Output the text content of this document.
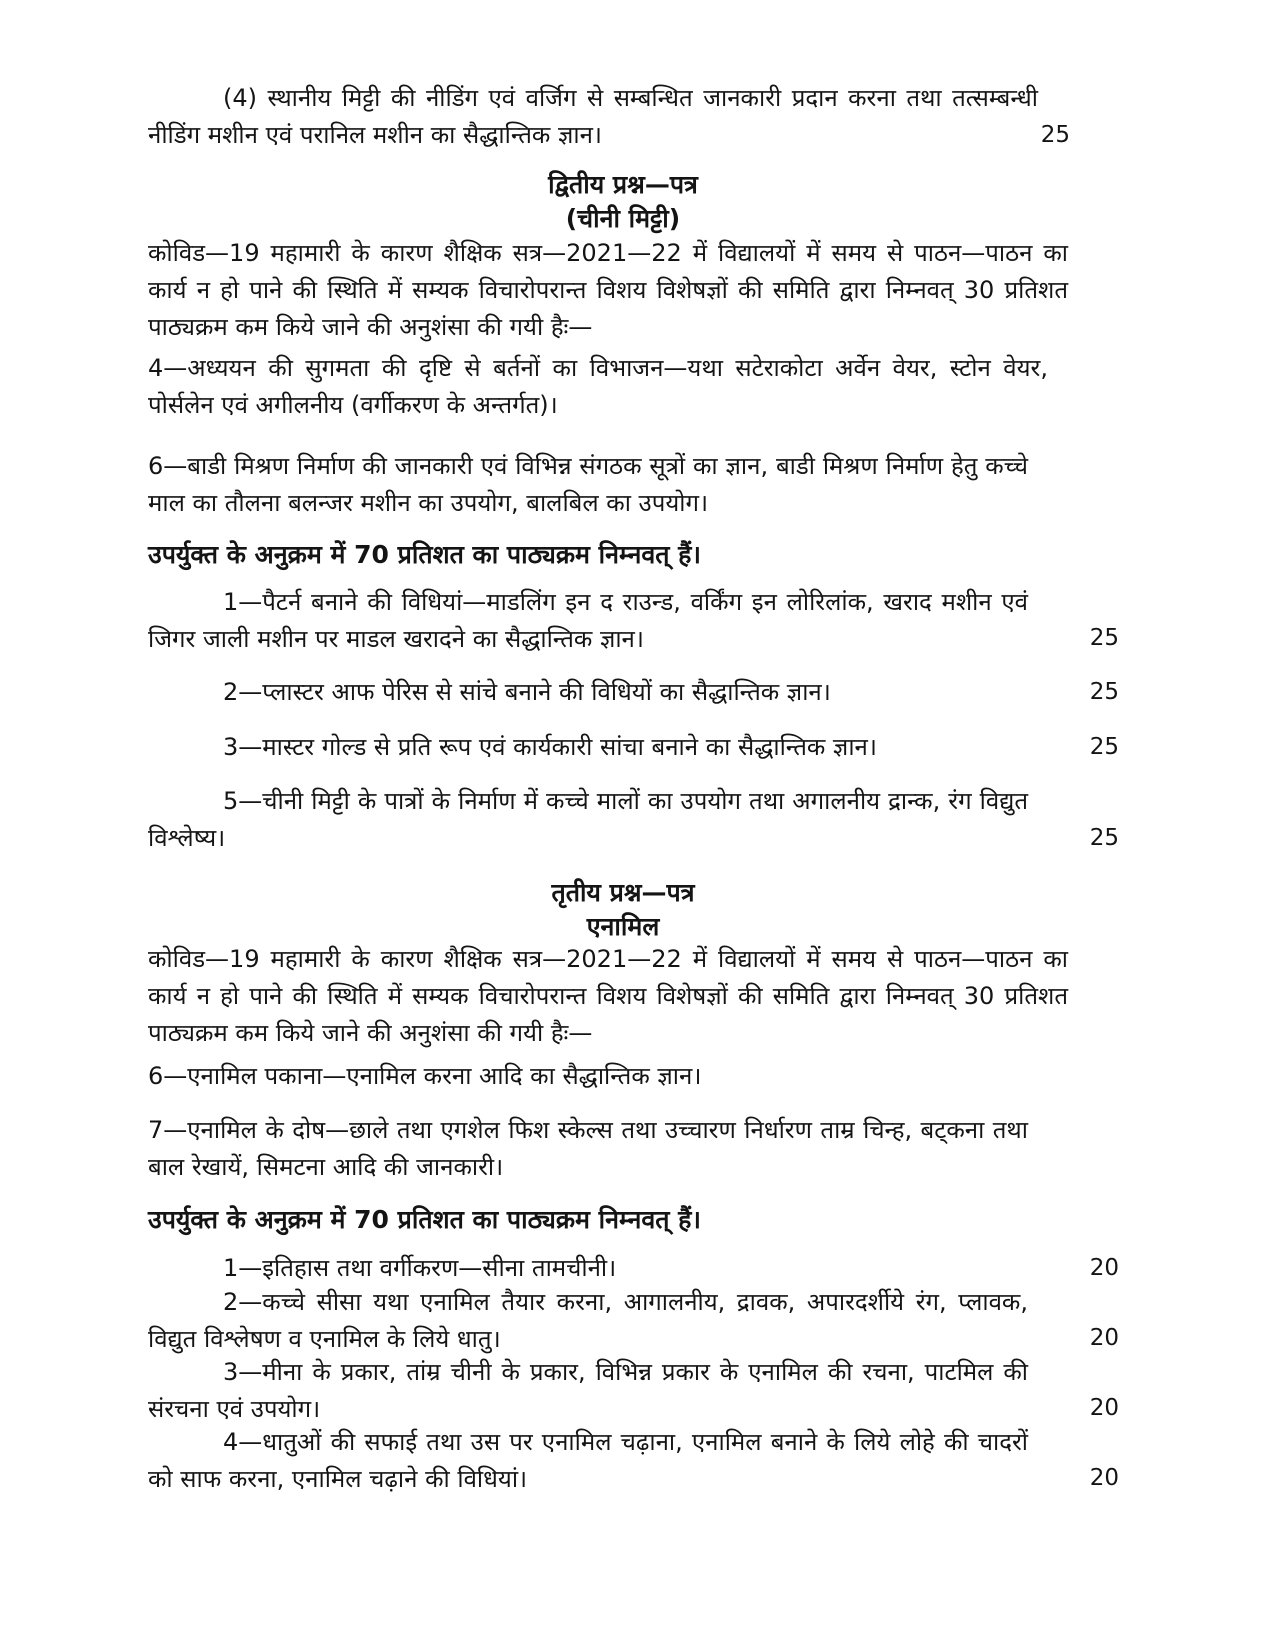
(4) स्थानीय मिट्टी की नीडिंग एवं वर्जिग से सम्बन्धित जानकारी प्रदान करना तथा तत्सम्बन्धी नीडिंग मशीन एवं परानिल मशीन का सैद्धान्तिक ज्ञान।	25
द्वितीय प्रश्न—पत्र
(चीनी मिट्टी)
कोविड—19 महामारी के कारण शैक्षिक सत्र—2021—22 में विद्यालयों में समय से पाठन—पाठन का कार्य न हो पाने की स्थिति में सम्यक विचारोपरान्त विशय विशेषज्ञों की समिति द्वारा निम्नवत् 30 प्रतिशत पाठ्यक्रम कम किये जाने की अनुशंसा की गयी हैः—
4—अध्ययन की सुगमता की दृष्टि से बर्तनों का विभाजन—यथा सटेराकोटा अर्वेन वेयर, स्टोन वेयर, पोर्सलेन एवं अगीलनीय (वर्गीकरण के अन्तर्गत)।
6—बाडी मिश्रण निर्माण की जानकारी एवं विभिन्न संगठक सूत्रों का ज्ञान, बाडी मिश्रण निर्माण हेतु कच्चे माल का तौलना बलन्जर मशीन का उपयोग, बालबिल का उपयोग।
उपर्युक्त के अनुक्रम में 70 प्रतिशत का पाठ्यक्रम निम्नवत् हैं।
1—पैटर्न बनाने की विधियां—माडलिंग इन द राउन्ड, वर्किंग इन लोरिलांक, खराद मशीन एवं जिगर जाली मशीन पर माडल खरादने का सैद्धान्तिक ज्ञान।	25
2—प्लास्टर आफ पेरिस से सांचे बनाने की विधियों का सैद्धान्तिक ज्ञान।	25
3—मास्टर गोल्ड से प्रति रूप एवं कार्यकारी सांचा बनाने का सैद्धान्तिक ज्ञान।	25
5—चीनी मिट्टी के पात्रों के निर्माण में कच्चे मालों का उपयोग तथा अगालनीय द्रान्क, रंग विद्युत विश्लेष्य।	25
तृतीय प्रश्न—पत्र
एनामिल
कोविड—19 महामारी के कारण शैक्षिक सत्र—2021—22 में विद्यालयों में समय से पाठन—पाठन का कार्य न हो पाने की स्थिति में सम्यक विचारोपरान्त विशय विशेषज्ञों की समिति द्वारा निम्नवत् 30 प्रतिशत पाठ्यक्रम कम किये जाने की अनुशंसा की गयी हैः—
6—एनामिल पकाना—एनामिल करना आदि का सैद्धान्तिक ज्ञान।
7—एनामिल के दोष—छाले तथा एगशेल फिश स्केल्स तथा उच्चारण निर्धारण ताम्र चिन्ह, बट्कना तथा बाल रेखायें, सिमटना आदि की जानकारी।
उपर्युक्त के अनुक्रम में 70 प्रतिशत का पाठ्यक्रम निम्नवत् हैं।
1—इतिहास तथा वर्गीकरण—सीना तामचीनी।	20
2—कच्चे सीसा यथा एनामिल तैयार करना, आगालनीय, द्रावक, अपारदर्शीये रंग, प्लावक, विद्युत विश्लेषण व एनामिल के लिये धातु।	20
3—मीना के प्रकार, तांम्र चीनी के प्रकार, विभिन्न प्रकार के एनामिल की रचना, पाटमिल की संरचना एवं उपयोग।	20
4—धातुओं की सफाई तथा उस पर एनामिल चढ़ाना, एनामिल बनाने के लिये लोहे की चादरों को साफ करना, एनामिल चढ़ाने की विधियां।	20
